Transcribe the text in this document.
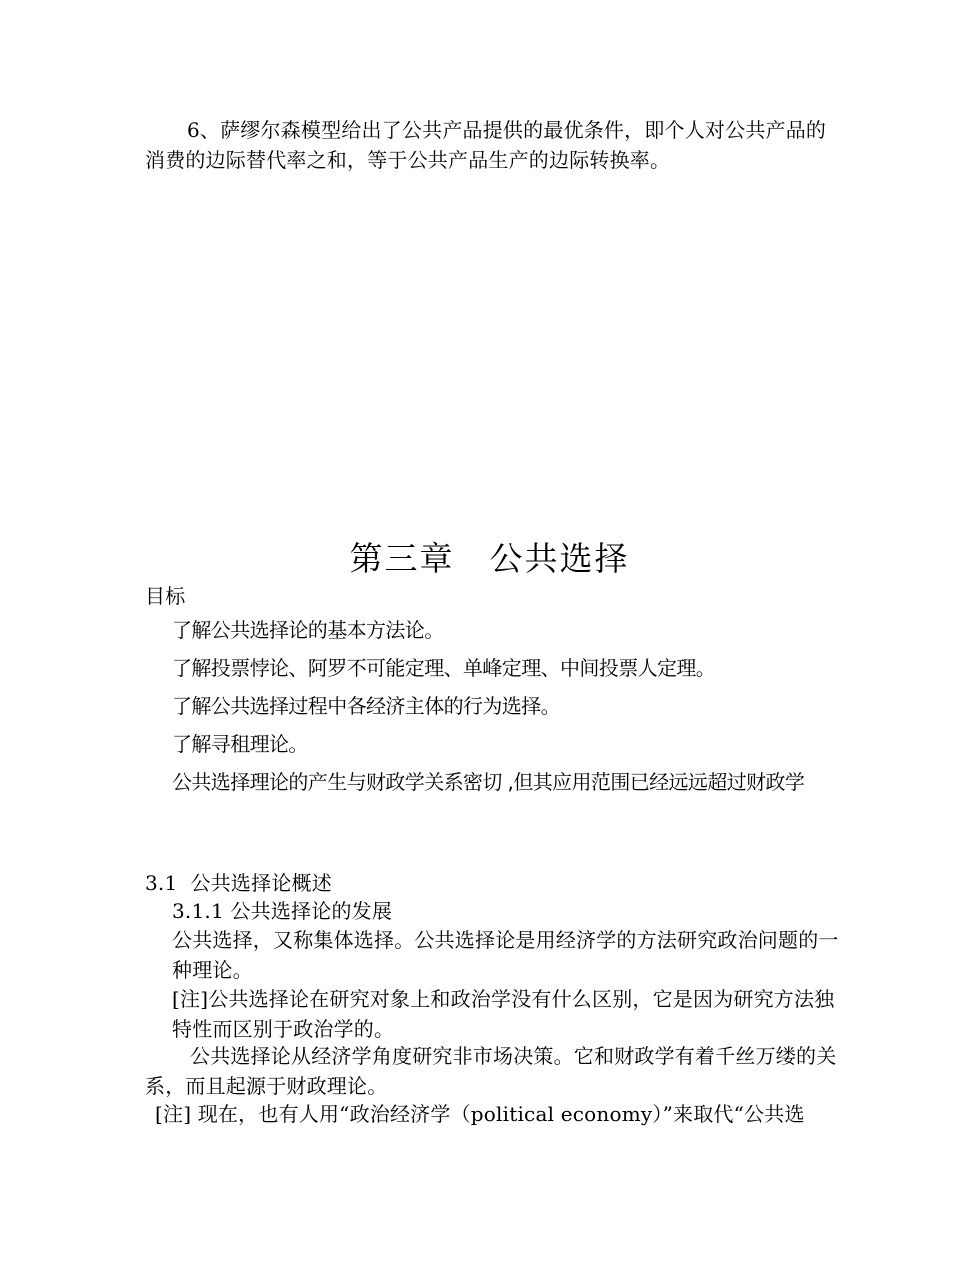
6、萨缪尔森模型给出了公共产品提供的最优条件，即个人对公共产品的消费的边际替代率之和，等于公共产品生产的边际转换率。

第三章　公共选择
目标
了解公共选择论的基本方法论。
了解投票悖论、阿罗不可能定理、单峰定理、中间投票人定理。
了解公共选择过程中各经济主体的行为选择。
了解寻租理论。
公共选择理论的产生与财政学关系密切 ,但其应用范围已经远远超过财政学
3.1  公共选择论概述
3.1.1 公共选择论的发展

公共选择，又称集体选择。公共选择论是用经济学的方法研究政治问题的一种理论。

[注]公共选择论在研究对象上和政治学没有什么区别，它是因为研究方法独特性而区别于政治学的。

公共选择论从经济学角度研究非市场决策。它和财政学有着千丝万缕的关系，而且起源于财政理论。

[注] 现在，也有人用“政治经济学（political economy）”来取代“公共选
